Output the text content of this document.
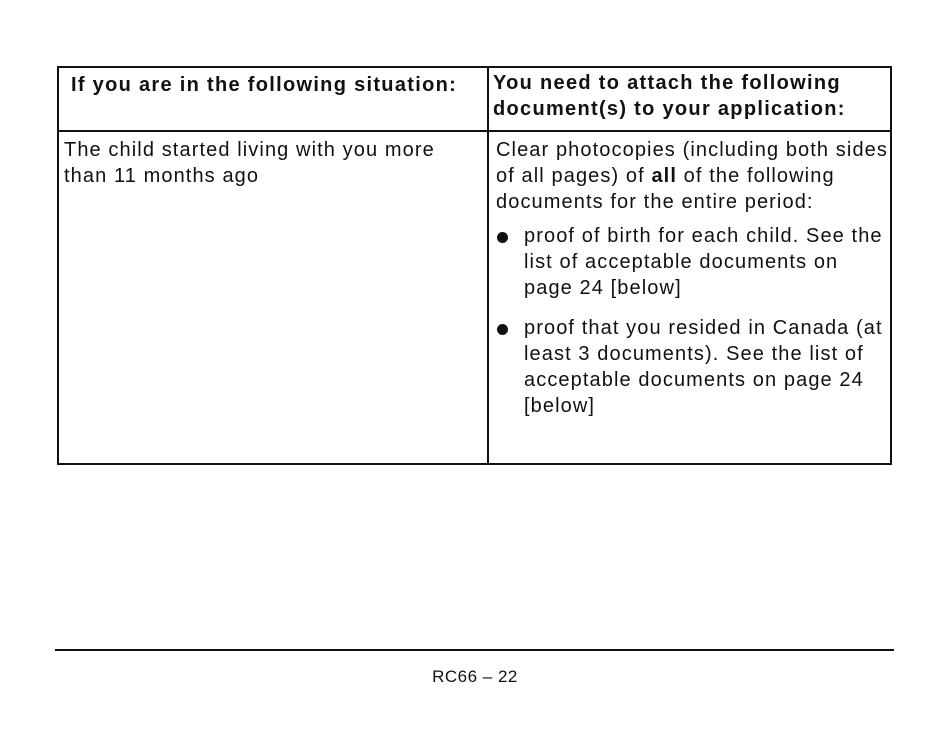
If you are in the following situation:	You need to attach the following document(s) to your application:
The child started living with you more than 11 months ago
Clear photocopies (including both sides of all pages) of all of the following documents for the entire period:
proof of birth for each child. See the list of acceptable documents on page 24 [below]
proof that you resided in Canada (at least 3 documents). See the list of acceptable documents on page 24 [below]
RC66 – 22
